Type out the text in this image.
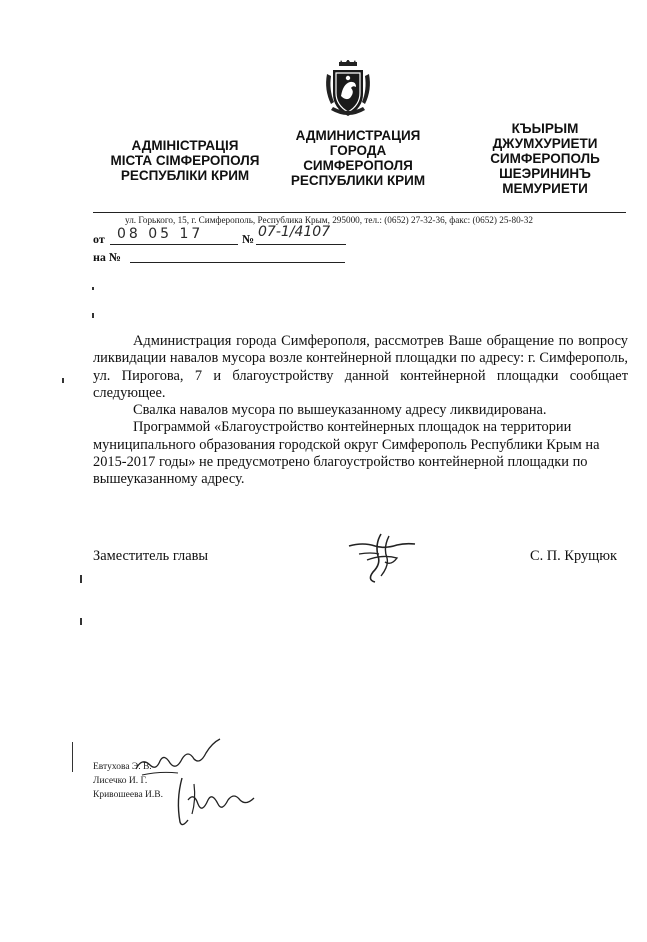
АДМІНІСТРАЦІЯ
МІСТА СІМФЕРОПОЛЯ
РЕСПУБЛІКИ КРИМ
АДМИНИСТРАЦИЯ
ГОРОДА
СИМФЕРОПОЛЯ
РЕСПУБЛИКИ КРИМ
КЪЫРЫМ
ДЖУМХУРИЕТИ
СИМФЕРОПОЛЬ
ШЕЭРИНИНЪ
МЕМУРИЕТИ
ул. Горького, 15, г. Симферополь, Республика Крым, 295000, тел.: (0652) 27-32-36, факс: (0652) 25-80-32
от 08 05 17	№ 07-1/4107
на №

Администрация города Симферополя, рассмотрев Ваше обращение по вопросу ликвидации навалов мусора возле контейнерной площадки по адресу: г. Симферополь, ул. Пирогова, 7 и благоустройству данной контейнерной площадки сообщает следующее.

Свалка навалов мусора по вышеуказанному адресу ликвидирована.

Программой «Благоустройство контейнерных площадок на территории муниципального образования городской округ Симферополь Республики Крым на 2015-2017 годы» не предусмотрено благоустройство контейнерной площадки по вышеуказанному адресу.

Заместитель главы	С. П. Крущюк
Евтухова Э. В.
Лисечко И. Г.
Кривошеева И.В.
